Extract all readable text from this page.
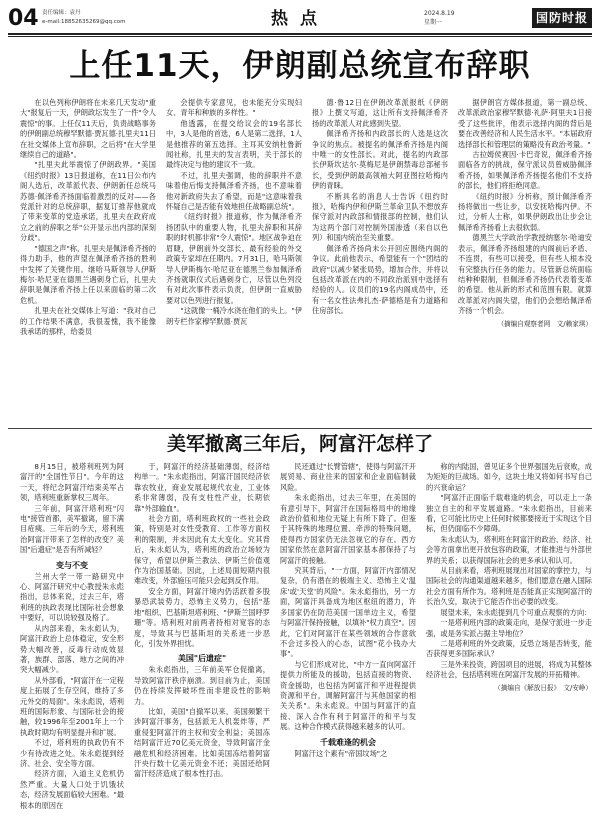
04 责任编辑：袁丹
e-mail:18852635269@qq.com	热点	2024.8.19
星期一	国防时报
上任11天，伊朗副总统宣布辞职

在以色列称伊朗将在未来几天发动"重大"报复后一天，伊朗政坛发生了一件"令人震惊"的事。上任仅11天后，负责战略事务的伊朗副总统穆罕默德·贾瓦德·扎里夫11日在社交媒体上宣布辞职，之后将"在大学里继续自己的道路"。

"扎里夫此举震惊了伊朗政界。"美国《纽约时报》13日报道称，在11日公布内阁人选后，改革派代表、伊朗新任总统马苏德·佩泽希齐扬面临着激烈的反对——各党派针对的总统辞职，据复订推荐他就成了带来变革的党造承诺，扎里夫在政府成立之前的辞职之举"公开显示出内部的深刻分歧"。

"德国之声"称，扎里夫是佩泽希齐扬的得力助手，他的声望在佩泽希齐扬的胜利中发挥了关键作用。继哈马斯领导人伊斯梅尔·哈尼亚在德黑兰遇刺身亡后，扎里夫辞职是佩泽希齐扬上任以来面临的第二次危机。

扎里夫在社交媒体上写道："我对自己的工作结果不满意，我很羞愧，我不能像我承诺的那样，给委员

会提供专家意见，也未能充分实现妇女、青年和种族的多样性。"

他透露，在提交给议会的19名部长中，3人是他的首选，6人是第二选择，1人是他推荐的第五选择。主耳其安纳杜鲁新闻社称，扎里夫的发言表明，关于部长的最终决定与他的建议不一致。

不过，扎里夫强调，他的辞职并不意味着他后悔支持佩泽希齐扬，也不意味着他对新政府失去了希望，而是"这意味着我怀疑自己是否能有效地担任战略副总统"。

《纽约时报》报道称，作为佩泽希齐扬团队中的重要人物，扎里夫辞职和其辞职的时机都非常"令人震惊"。地区战争迫在眉睫，伊朗前外交部长、最有经验的外交政策专家却在任期内。7月31日，哈马斯领导人伊斯梅尔·哈尼亚在德黑兰参加佩泽希齐扬就职仪式后遇刺身亡，尽管以色列没有对此次事件表示负责，但伊朗一直威胁要对以色列进行报复。

"这就像一桶冷水浇在他们的头上。"伊朗专栏作家穆罕默德·贾瓦

德·鲁12日在伊朗改革派报纸《伊朗报》上撰文写道，这让所有支持佩泽希齐扬的改革派人对此感到失望。

佩泽希齐扬和内政部长的人选是这次争议的焦点。被提名的佩泽希齐扬是内阁中唯一的女性部长。对此，提名的内政部长伊斯坎达尔·莫梅尼是伊朗禁毒总部秘书长，受到伊朗最高领袖大阿亚图拉哈梅内伊的青睐。

不断具名的消息人士告诉《纽约时报》，哈梅内伊和伊斯兰革命卫队不想放弃保守派对内政部和情报部的控制，他们认为这两个部门对控制外国渗透（来自以色列）和国内统治至关重要。

佩泽希齐扬尚未公开回应围绕内阁的争议。此前他表示，希望能有一个"团结的政府"以减少紧张局势，增加合作，并将以包括改革派在内的不同政治派别中选择有经验的人。议员们的19名内阁成员中，还有一名女性法弗扎杰·萨德格是有力道路和住房部长。

据伊朗官方媒体报道，第一副总统、改革派政治家穆罕默德·礼萨·阿里夫1日接受了这些批评，他表示选择内阁的背后是要在改善经济和人民生活水平。"本届政府选择部长和管理层的策略没有政治考量。"

古拉姆侯赛因·卡巴奇说，佩泽希齐扬面临各方的挑战，保守派议员曾威胁佩泽希齐扬，如果佩泽希齐扬提名他们不支持的部长，他们将拒绝同意。

《纽约时报》分析称，预计佩泽希齐扬将做出一些让步，以安抚哈梅内伊。不过，分析人士称，如果伊朗政出让步会让佩泽希齐扬看上去很软弱。

德黑兰大学政治学教授纳塞尔·哈迪安表示，佩泽希齐扬组建的内阁前后矛盾、不连贯，有些可以接受，但有些人根本没有完整执行任务的能力。尽管新总统面临结种种限制，但佩泽希齐扬仍代表着变革的希望。他从新的形式和范围有限。就算改革派对内阁失望，他们仍会想给佩泽希齐扬一个机会。

（摘编自观察者网　文/赖家琪）
美军撤离三年后，阿富汗怎样了

8月15日，被塔利班列为阿富汗的"全国性节日"。今年的这一天，将纪念阿富汗结束美军占领，塔利班重新掌权三周年。

三年前，阿富汗塔利班"闪电"接管首都，美军撤离，留下满目疮痍。三年后的今天，塔利班治阿富汗带来了怎样的改变？美国"后遗症"是否有所减轻？

变与不变

兰州大学一带一路研究中心、阿富汗研究中心教授朱永彪指出，总体来说，过去三年，塔利班的执政表现比国际社会想象中要好，可以说较强及格了。

从内部来看，朱永彪认为，阿富汗政治上总体稳定，安全形势大幅改善，反毒行动成效显著，族群、部落、地方之间的冲突大幅减少。

从外部看，"阿富汗在一定程度上拓展了生存空间，维持了多元外交的局面"。朱永彪说，塔利班的国际形象、与国际社会的接触，较1996年至2001年上一个执政时期均有明显提升和扩展。

不过，塔利班的执政仍有不少有待改进之处。朱永彪提到经济、社会、安全等方面。

经济方面，入道主义危机仍然严重。大量人口处于饥饿状态，经济发展面临较大困难。"最根本的原因在

于，阿富汗的经济基础薄弱，经济结构单一。"朱永彪指出，阿富汗国民经济依靠农牧业，商业发展起规代农业，工业体系非常薄弱，没有支柱性产业，长期依靠"外部输血"。

社会方面，塔利班政权的一些社会政策，特别是对女性受教育、工作等方面权利的限制，并未因此有太大变化。究其背后，朱永彪认为，塔利班的政治立场较为保守，希望以伊斯兰教法、伊斯兰价值观作为治国基础。因此，上述局面短期内很难改变，外部施压可能只会起到反作用。

安全方面，阿富汗境内仍活跃着多股暴恐武装势力，恐怖主义势力，包括"基地"组织、巴基斯坦塔利班、"伊斯兰国呼罗珊"等。塔利班对前两者持相对宽容的态度，导致其与巴基斯坦的关系进一步恶化，引发外界担忧。

美国"后遗症"

朱永彪指出，三年前美军仓促撤离，导致阿富汗秩序崩溃。到目前为止，美国仍在持续发挥破坏性而非建设性的影响力。

比如，美国"自撤军以来，美国频繁干涉阿富汗事务，包括派无人机轰炸等，严重侵犯阿富汗的主权和安全利益；美国冻结阿富汗近70亿美元资金，导致阿富汗金融危机和经济困难。比如美国冻结着阿富汗央行数十亿美元资金不还；美国还给阿富汗经济造成了根本性打击。

民还通过"长臂管辖"，使得与阿富汗开展贸易、商业往来的国家和企业面临制裁风险。

朱永彪指出，过去三年里，在美国的有意引导下，阿富汗在国际格局中的地缘政治价值和地位无疑上有所下降了。但鉴于其特殊的地理位置、牵涉的特殊问题，使得西方国家仍无法忽视它的存在。西方国家依然在意阿富汗国家基本都保持了与阿富汗的接触。

究其背后，"一方面，阿富汗内部情况复杂，仍有潜在的极端主义、恐怖主义'温床'或'天堂'的风险"。朱永彪指出，另一方面，阿富汗具备成为地区枢纽的潜力，许多国家仍在防范美国一国单边主义，希望与阿富汗保持接触，以填补"权力真空"。因此，它们对阿富汗在某些领域的合作意欲不会过多投入的心态，试图"花小钱办大事"。

与它们形成对比，"中方一直向阿富汗提供力所能及的援助，包括直接的物资、资金援助，也包括为阿富汗和平进程提供资源和平台，调解阿富汗与其他国家的相关关系"。朱永彪说。中国与阿富汗的直接、深入合作有利于阿富汗的和平与发展。这种合作模式获得越来越多的认可。

千载难逢的机会

阿富汗这个素有"帝国坟场"之

称的内陆国，曾见证多个世界强国先后衰败，成为矩矩的巨战场。如今，这块土地又将如何书写自己的兴衰命运？

"阿富汗正面临千载难逢的机会，可以走上一条独立自主的和平发展道路。"朱永彪指出，目前来看，它可能比历史上任何时候都要接近于实现这个目标，但仍面临不少障碍。

朱永彪认为，塔利班在阿富汗的政治、经济、社会等方面拿出更开放包容的政策，才能推进与外部世界的关系；以获得国际社会的更多承认和认可。

从目前来看，塔利班展现出对国家的掌控力，与国际社会的沟通渠道越来越多，他们愿意在融入国际社会方面有所作为。塔利班是否能真正实现阿富汗的长治久安，取决于它能否作出必要的改变。

展望未来，朱永彪提到几个可重点观察的方向：

一是塔利班内部的政策走向，是保守派进一步走强，或是务实派占据主导地位？

二是塔利班的外交政策，反恐立场是否转变，能否获得更多国际承认？

三是外来投资，跨国项目的进展，将成为其整体经济社会，包括塔利班在阿富汗发展的开拓精神。

（摘编自《解放日报》　文/安峥）
